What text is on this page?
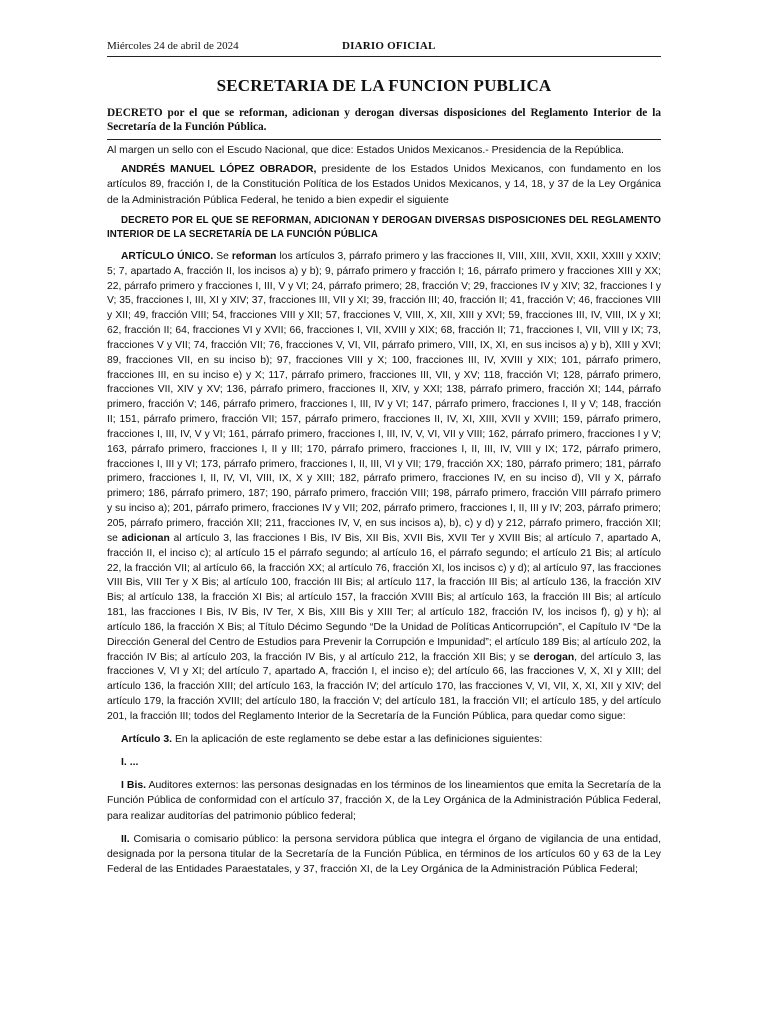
Miércoles 24 de abril de 2024	DIARIO OFICIAL
SECRETARIA DE LA FUNCION PUBLICA

DECRETO por el que se reforman, adicionan y derogan diversas disposiciones del Reglamento Interior de la Secretaría de la Función Pública.

Al margen un sello con el Escudo Nacional, que dice: Estados Unidos Mexicanos.- Presidencia de la República.

ANDRÉS MANUEL LÓPEZ OBRADOR, presidente de los Estados Unidos Mexicanos, con fundamento en los artículos 89, fracción I, de la Constitución Política de los Estados Unidos Mexicanos, y 14, 18, y 37 de la Ley Orgánica de la Administración Pública Federal, he tenido a bien expedir el siguiente

DECRETO POR EL QUE SE REFORMAN, ADICIONAN Y DEROGAN DIVERSAS DISPOSICIONES DEL REGLAMENTO INTERIOR DE LA SECRETARÍA DE LA FUNCIÓN PÚBLICA

ARTÍCULO ÚNICO. Se reforman los artículos 3, párrafo primero y las fracciones II, VIII, XIII, XVII, XXII, XXIII y XXIV; 5; 7, apartado A, fracción II, los incisos a) y b); 9, párrafo primero y fracción I; 16, párrafo primero y fracciones XIII y XX; 22, párrafo primero y fracciones I, III, V y VI; 24, párrafo primero; 28, fracción V; 29, fracciones IV y XIV; 32, fracciones I y V; 35, fracciones I, III, XI y XIV; 37, fracciones III, VII y XI; 39, fracción III; 40, fracción II; 41, fracción V; 46, fracciones VIII y XII; 49, fracción VIII; 54, fracciones VIII y XII; 57, fracciones V, VIII, X, XII, XIII y XVI; 59, fracciones III, IV, VIII, IX y XI; 62, fracción II; 64, fracciones VI y XVII; 66, fracciones I, VII, XVIII y XIX; 68, fracción II; 71, fracciones I, VII, VIII y IX; 73, fracciones V y VII; 74, fracción VII; 76, fracciones V, VI, VII, párrafo primero, VIII, IX, XI, en sus incisos a) y b), XIII y XVI; 89, fracciones VII, en su inciso b); 97, fracciones VIII y X; 100, fracciones III, IV, XVIII y XIX; 101, párrafo primero, fracciones III, en su inciso e) y X; 117, párrafo primero, fracciones III, VII, y XV; 118, fracción VI; 128, párrafo primero, fracciones VII, XIV y XV; 136, párrafo primero, fracciones II, XIV, y XXI; 138, párrafo primero, fracción XI; 144, párrafo primero, fracción V; 146, párrafo primero, fracciones I, III, IV y VI; 147, párrafo primero, fracciones I, II y V; 148, fracción II; 151, párrafo primero, fracción VII; 157, párrafo primero, fracciones II, IV, XI, XIII, XVII y XVIII; 159, párrafo primero, fracciones I, III, IV, V y VI; 161, párrafo primero, fracciones I, III, IV, V, VI, VII y VIII; 162, párrafo primero, fracciones I y V; 163, párrafo primero, fracciones I, II y III; 170, párrafo primero, fracciones I, II, III, IV, VIII y IX; 172, párrafo primero, fracciones I, III y VI; 173, párrafo primero, fracciones I, II, III, VI y VII; 179, fracción XX; 180, párrafo primero; 181, párrafo primero, fracciones I, II, IV, VI, VIII, IX, X y XIII; 182, párrafo primero, fracciones IV, en su inciso d), VII y X, párrafo primero; 186, párrafo primero, 187; 190, párrafo primero, fracción VIII; 198, párrafo primero, fracción VIII párrafo primero y su inciso a); 201, párrafo primero, fracciones IV y VII; 202, párrafo primero, fracciones I, II, III y IV; 203, párrafo primero; 205, párrafo primero, fracción XII; 211, fracciones IV, V, en sus incisos a), b), c) y d) y 212, párrafo primero, fracción XII; se adicionan al artículo 3, las fracciones I Bis, IV Bis, XII Bis, XVII Bis, XVII Ter y XVIII Bis; al artículo 7, apartado A, fracción II, el inciso c); al artículo 15 el párrafo segundo; al artículo 16, el párrafo segundo; el artículo 21 Bis; al artículo 22, la fracción VII; al artículo 66, la fracción XX; al artículo 76, fracción XI, los incisos c) y d); al artículo 97, las fracciones VIII Bis, VIII Ter y X Bis; al artículo 100, fracción III Bis; al artículo 117, la fracción III Bis; al artículo 136, la fracción XIV Bis; al artículo 138, la fracción XI Bis; al artículo 157, la fracción XVIII Bis; al artículo 163, la fracción III Bis; al artículo 181, las fracciones I Bis, IV Bis, IV Ter, X Bis, XIII Bis y XIII Ter; al artículo 182, fracción IV, los incisos f), g) y h); al artículo 186, la fracción X Bis; al Título Décimo Segundo “De la Unidad de Políticas Anticorrupción”, el Capítulo IV “De la Dirección General del Centro de Estudios para Prevenir la Corrupción e Impunidad”; el artículo 189 Bis; al artículo 202, la fracción IV Bis; al artículo 203, la fracción IV Bis, y al artículo 212, la fracción XII Bis; y se derogan, del artículo 3, las fracciones V, VI y XI; del artículo 7, apartado A, fracción I, el inciso e); del artículo 66, las fracciones V, X, XI y XIII; del artículo 136, la fracción XIII; del artículo 163, la fracción IV; del artículo 170, las fracciones V, VI, VII, X, XI, XII y XIV; del artículo 179, la fracción XVIII; del artículo 180, la fracción V; del artículo 181, la fracción VII; el artículo 185, y del artículo 201, la fracción III; todos del Reglamento Interior de la Secretaría de la Función Pública, para quedar como sigue:

Artículo 3. En la aplicación de este reglamento se debe estar a las definiciones siguientes:

I. ...

I Bis. Auditores externos: las personas designadas en los términos de los lineamientos que emita la Secretaría de la Función Pública de conformidad con el artículo 37, fracción X, de la Ley Orgánica de la Administración Pública Federal, para realizar auditorías del patrimonio público federal;

II. Comisaria o comisario público: la persona servidora pública que integra el órgano de vigilancia de una entidad, designada por la persona titular de la Secretaría de la Función Pública, en términos de los artículos 60 y 63 de la Ley Federal de las Entidades Paraestatales, y 37, fracción XI, de la Ley Orgánica de la Administración Pública Federal;
